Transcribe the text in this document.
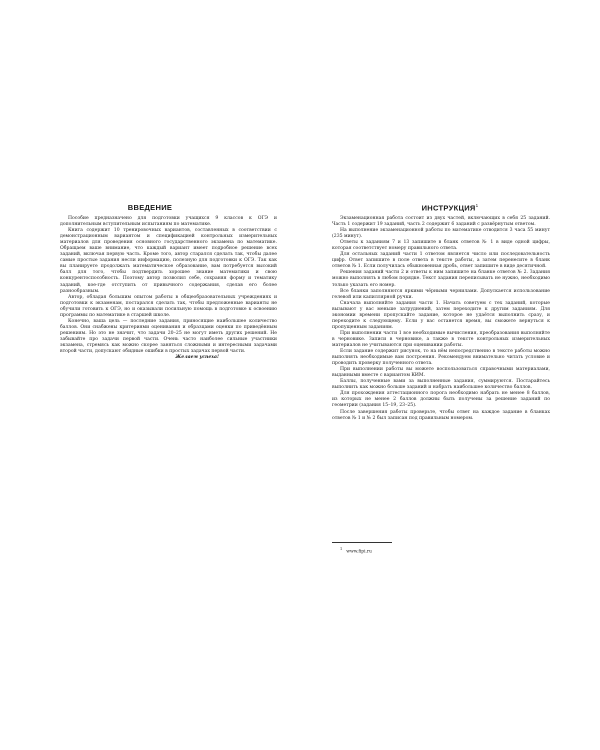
ВВЕДЕНИЕ

Пособие предназначено для подготовки учащихся 9 классов к ОГЭ и дополнительным вступительным испытаниям по математике.

Книга содержит 10 тренировочных вариантов, составленных в соответствии с демонстрационным вариантом и спецификацией контрольных измерительных материалов для проведения основного государственного экзамена по математике. Обращаем ваше внимание, что каждый вариант имеет подробное решение всех заданий, включая первую часть. Кроме того, автор старался сделать так, чтобы далее самые простые задания несли информацию, полезную для подготовки к ОГЭ. Так как вы планируете продолжать математическое образование, вам потребуется высокий балл для того, чтобы подтвердить хорошее знание математики и свою конкурентоспособность. Поэтому автор позволил себе, сохраняя форму и тематику заданий, кое-где отступить от привычного содержания, сделав его более разнообразным.

Автор, обладая большим опытом работы в общеобразовательных учреждениях и подготовки к экзаменам, постарался сделать так, чтобы предложенные варианты не обучили готовить к ОГЭ, но и оказывали посильную помощь в подготовке к освоению программы по математике в старшей школе.

Конечно, ваша цель — последние задания, приносящие наибольшее количество баллов. Они снабжены критериями оценивания и образцами оценки по приведённым решениям. Но это не значит, что задачи 20–25 не могут иметь других решений. Не забывайте про задачи первой части. Очень часто наиболее сильные участники экзамена, стремясь как можно скорее заняться сложными и интересными задачами второй части, допускают обидные ошибки в простых задачах первой части.

Желаем успеха!

ИНСТРУКЦИЯ$^1$

Экзаменационная работа состоит из двух частей, включающих в себя 25 заданий. Часть 1 содержит 19 заданий, часть 2 содержит 6 заданий с развёрнутым ответом.

На выполнение экзаменационной работы по математике отводится 3 часа 55 минут (235 минут).

Ответы к заданиям 7 и 13 запишите в бланк ответов № 1 в виде одной цифры, которая соответствует номеру правильного ответа.

Для остальных заданий части 1 ответом является число или последовательность цифр. Ответ запишите в поле ответа в тексте работы, а затем перенесите в бланк ответов № 1. Если получилась обыкновенная дробь, ответ запишите в виде десятичной.

Решения заданий части 2 и ответы к ним запишите на бланке ответов № 2. Задания можно выполнять в любом порядке. Текст задания переписывать не нужно, необходимо только указать его номер.

Все бланки заполняются яркими чёрными чернилами. Допускается использование гелевой или капиллярной ручки.

Сначала выполняйте задания части 1. Начать советуем с тех заданий, которые вызывают у вас меньше затруднений, затем переходите к другим заданиям. Для экономии времени пропускайте задание, которое не удаётся выполнить сразу, и переходите к следующему. Если у вас останется время, вы сможете вернуться к пропущенным заданиям.

При выполнении части 1 все необходимые вычисления, преобразования выполняйте в черновике. Записи в черновике, а также в тексте контрольных измерительных материалов не учитываются при оценивании работы.

Если задание содержит рисунок, то на нём непосредственно в тексте работы можно выполнять необходимые вам построения. Рекомендуем внимательно читать условие и проводить проверку полученного ответа.

При выполнении работы вы можете воспользоваться справочными материалами, выданными вместе с вариантом КИМ.

Баллы, полученные вами за выполненные задания, суммируются. Постарайтесь выполнить как можно больше заданий и набрать наибольшее количество баллов.

Для прохождения аттестационного порога необходимо набрать не менее 8 баллов, из которых не менее 2 баллов должны быть получены за решение заданий по геометрии (задания 15–19, 23–25).

После завершения работы проверьте, чтобы ответ на каждое задание в бланках ответов № 1 и № 2 был записан под правильным номером.

$^1$www.fipi.ru
